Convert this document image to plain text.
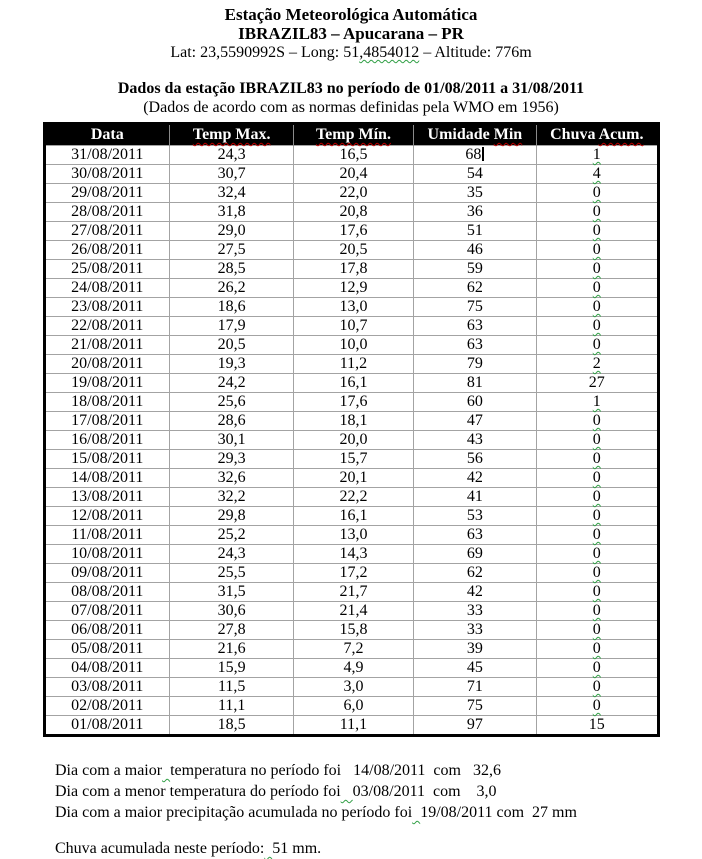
Estação Meteorológica Automática
IBRAZIL83 – Apucarana – PR
Lat: 23,5590992S – Long: 51,4854012 – Altitude: 776m
Dados da estação IBRAZIL83 no período de 01/08/2011 a 31/08/2011
(Dados de acordo com as normas definidas pela WMO em 1956)
Data	Temp Max.	Temp Mín.	Umidade Min	Chuva Acum.
31/08/2011	24,3	16,5	68	1
30/08/2011	30,7	20,4	54	4
29/08/2011	32,4	22,0	35	0
28/08/2011	31,8	20,8	36	0
27/08/2011	29,0	17,6	51	0
26/08/2011	27,5	20,5	46	0
25/08/2011	28,5	17,8	59	0
24/08/2011	26,2	12,9	62	0
23/08/2011	18,6	13,0	75	0
22/08/2011	17,9	10,7	63	0
21/08/2011	20,5	10,0	63	0
20/08/2011	19,3	11,2	79	2
19/08/2011	24,2	16,1	81	27
18/08/2011	25,6	17,6	60	1
17/08/2011	28,6	18,1	47	0
16/08/2011	30,1	20,0	43	0
15/08/2011	29,3	15,7	56	0
14/08/2011	32,6	20,1	42	0
13/08/2011	32,2	22,2	41	0
12/08/2011	29,8	16,1	53	0
11/08/2011	25,2	13,0	63	0
10/08/2011	24,3	14,3	69	0
09/08/2011	25,5	17,2	62	0
08/08/2011	31,5	21,7	42	0
07/08/2011	30,6	21,4	33	0
06/08/2011	27,8	15,8	33	0
05/08/2011	21,6	7,2	39	0
04/08/2011	15,9	4,9	45	0
03/08/2011	11,5	3,0	71	0
02/08/2011	11,1	6,0	75	0
01/08/2011	18,5	11,1	97	15

Dia com a maior temperatura no período foi   14/08/2011  com   32,6

Dia com a menor temperatura do período foi 03/08/2011  com    3,0

Dia com a maior precipitação acumulada no período foi 19/08/2011 com  27 mm

Chuva acumulada neste período: 51 mm.
